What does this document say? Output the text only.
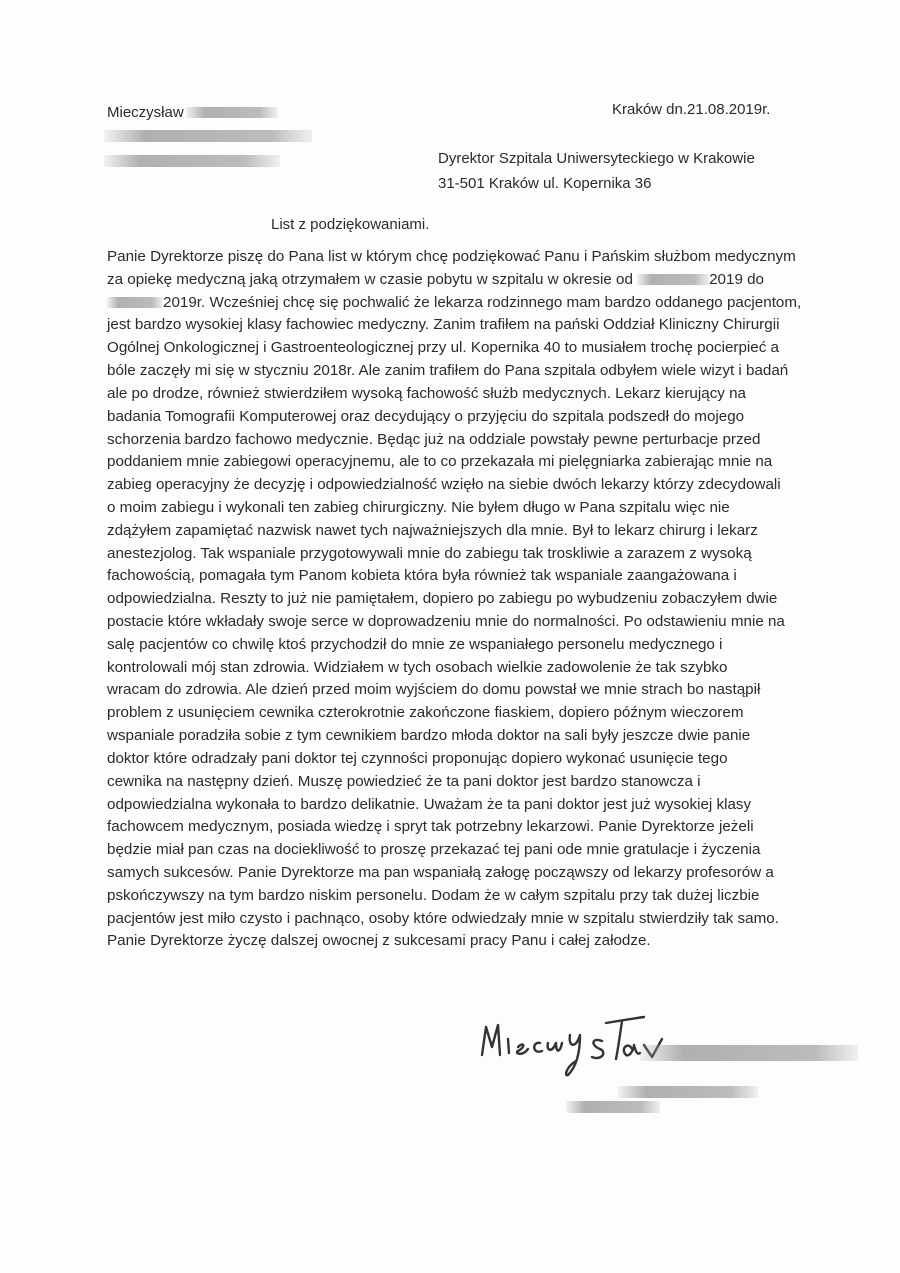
Mieczysław	Kraków dn.21.08.2019r.
Dyrektor Szpitala Uniwersyteckiego w Krakowie
31-501 Kraków ul. Kopernika 36
List z podziękowaniami.
Panie Dyrektorze piszę do Pana list w którym chcę podziękować Panu i Pańskim służbom medycznym
za opiekę medyczną jaką otrzymałem w czasie pobytu w szpitalu w okresie od	2019 do
2019r. Wcześniej chcę się pochwalić że lekarza rodzinnego mam bardzo oddanego pacjentom,
jest bardzo wysokiej klasy fachowiec medyczny. Zanim trafiłem na pański Oddział Kliniczny Chirurgii
Ogólnej Onkologicznej i Gastroenteologicznej przy ul. Kopernika 40 to musiałem trochę pocierpieć a
bóle zaczęły mi się w styczniu 2018r. Ale zanim trafiłem do Pana szpitala odbyłem wiele wizyt i badań
ale po drodze, również stwierdziłem wysoką fachowość służb medycznych. Lekarz kierujący na
badania Tomografii Komputerowej oraz decydujący o przyjęciu do szpitala podszedł do mojego
schorzenia bardzo fachowo medycznie. Będąc już na oddziale powstały pewne perturbacje przed
poddaniem mnie zabiegowi operacyjnemu, ale to co przekazała mi pielęgniarka zabierając mnie na
zabieg operacyjny że decyzję i odpowiedzialność wzięło na siebie dwóch lekarzy którzy zdecydowali
o moim zabiegu i wykonali ten zabieg chirurgiczny. Nie byłem długo w Pana szpitalu więc nie
zdążyłem zapamiętać nazwisk nawet tych najważniejszych dla mnie. Był to lekarz chirurg i lekarz
anestezjolog. Tak wspaniale przygotowywali mnie do zabiegu tak troskliwie a zarazem z wysoką
fachowością, pomagała tym Panom kobieta która była również tak wspaniale zaangażowana i
odpowiedzialna. Reszty to już nie pamiętałem, dopiero po zabiegu po wybudzeniu zobaczyłem dwie
postacie które wkładały swoje serce w doprowadzeniu mnie do normalności. Po odstawieniu mnie na
salę pacjentów co chwilę ktoś przychodził do mnie ze wspaniałego personelu medycznego i
kontrolowali mój stan zdrowia. Widziałem w tych osobach wielkie zadowolenie że tak szybko
wracam do zdrowia. Ale dzień przed moim wyjściem do domu powstał we mnie strach bo nastąpił
problem z usunięciem cewnika czterokrotnie zakończone fiaskiem, dopiero późnym wieczorem
wspaniale poradziła sobie z tym cewnikiem bardzo młoda doktor na sali były jeszcze dwie panie
doktor które odradzały pani doktor tej czynności proponując dopiero wykonać usunięcie tego
cewnika na następny dzień. Muszę powiedzieć że ta pani doktor jest bardzo stanowcza i
odpowiedzialna wykonała to bardzo delikatnie. Uważam że ta pani doktor jest już wysokiej klasy
fachowcem medycznym, posiada wiedzę i spryt tak potrzebny lekarzowi. Panie Dyrektorze jeżeli
będzie miał pan czas na dociekliwość to proszę przekazać tej pani ode mnie gratulacje i życzenia
samych sukcesów. Panie Dyrektorze ma pan wspaniałą załogę począwszy od lekarzy profesorów a
pskończywszy na tym bardzo niskim personelu. Dodam że w całym szpitalu przy tak dużej liczbie
pacjentów jest miło czysto i pachnąco, osoby które odwiedzały mnie w szpitalu stwierdziły tak samo.
Panie Dyrektorze życzę dalszej owocnej z sukcesami pracy Panu i całej załodze.
